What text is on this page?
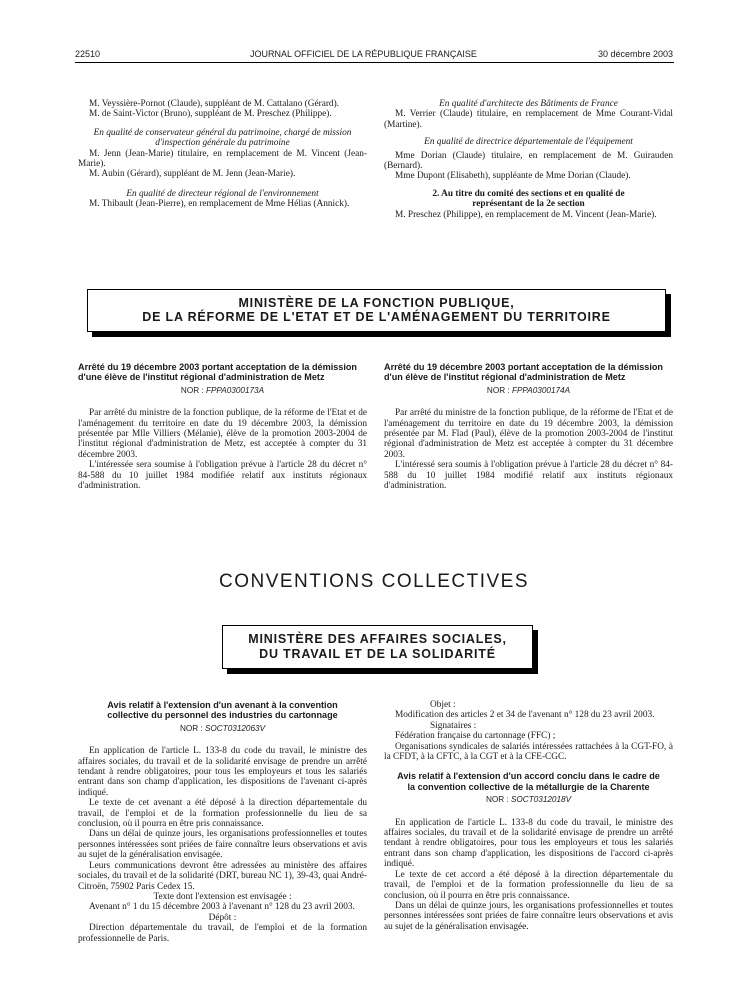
22510	JOURNAL OFFICIEL DE LA RÉPUBLIQUE FRANÇAISE	30 décembre 2003

M. Veyssière-Pornot (Claude), suppléant de M. Cattalano (Gérard).

M. de Saint-Victor (Bruno), suppléant de M. Preschez (Philippe).

En qualité de conservateur général du patrimoine, chargé de mission d'inspection générale du patrimoine

M. Jenn (Jean-Marie) titulaire, en remplacement de M. Vincent (Jean-Marie).

M. Aubin (Gérard), suppléant de M. Jenn (Jean-Marie).

En qualité de directeur régional de l'environnement

M. Thibault (Jean-Pierre), en remplacement de Mme Hélias (Annick).

En qualité d'architecte des Bâtiments de France

M. Verrier (Claude) titulaire, en remplacement de Mme Courant-Vidal (Martine).

En qualité de directrice départementale de l'équipement

Mme Dorian (Claude) titulaire, en remplacement de M. Guirauden (Bernard).

Mme Dupont (Elisabeth), suppléante de Mme Dorian (Claude).

2. Au titre du comité des sections et en qualité de représentant de la 2e section

M. Preschez (Philippe), en remplacement de M. Vincent (Jean-Marie).

MINISTÈRE DE LA FONCTION PUBLIQUE,
DE LA RÉFORME DE L'ETAT ET DE L'AMÉNAGEMENT DU TERRITOIRE

Arrêté du 19 décembre 2003 portant acceptation de la démission d'une élève de l'institut régional d'administration de Metz

NOR : FPPA0300173A

Par arrêté du ministre de la fonction publique, de la réforme de l'Etat et de l'aménagement du territoire en date du 19 décembre 2003, la démission présentée par Mlle Villiers (Mélanie), élève de la promotion 2003-2004 de l'institut régional d'administration de Metz, est acceptée à compter du 31 décembre 2003.

L'intéressée sera soumise à l'obligation prévue à l'article 28 du décret n° 84-588 du 10 juillet 1984 modifiée relatif aux instituts régionaux d'administration.

Arrêté du 19 décembre 2003 portant acceptation de la démission d'un élève de l'institut régional d'administration de Metz

NOR : FPPA0300174A

Par arrêté du ministre de la fonction publique, de la réforme de l'Etat et de l'aménagement du territoire en date du 19 décembre 2003, la démission présentée par M. Flad (Paul), élève de la promotion 2003-2004 de l'institut régional d'administration de Metz est acceptée à compter du 31 décembre 2003.

L'intéressé sera soumis à l'obligation prévue à l'article 28 du décret n° 84-588 du 10 juillet 1984 modifié relatif aux instituts régionaux d'administration.

CONVENTIONS COLLECTIVES
MINISTÈRE DES AFFAIRES SOCIALES,
DU TRAVAIL ET DE LA SOLIDARITÉ

Avis relatif à l'extension d'un avenant à la convention collective du personnel des industries du cartonnage

NOR : SOCT0312063V

En application de l'article L. 133-8 du code du travail, le ministre des affaires sociales, du travail et de la solidarité envisage de prendre un arrêté tendant à rendre obligatoires, pour tous les employeurs et tous les salariés entrant dans son champ d'application, les dispositions de l'avenant ci-après indiqué.

Le texte de cet avenant a été déposé à la direction départementale du travail, de l'emploi et de la formation professionnelle du lieu de sa conclusion, où il pourra en être pris connaissance.

Dans un délai de quinze jours, les organisations professionnelles et toutes personnes intéressées sont priées de faire connaître leurs observations et avis au sujet de la généralisation envisagée.

Leurs communications devront être adressées au ministère des affaires sociales, du travail et de la solidarité (DRT, bureau NC 1), 39-43, quai André-Citroën, 75902 Paris Cedex 15.

Texte dont l'extension est envisagée :

Avenant n° 1 du 15 décembre 2003 à l'avenant n° 128 du 23 avril 2003.

Dépôt :

Direction départementale du travail, de l'emploi et de la formation professionnelle de Paris.

Objet :

Modification des articles 2 et 34 de l'avenant n° 128 du 23 avril 2003.

Signataires :

Fédération française du cartonnage (FFC) ;

Organisations syndicales de salariés intéressées rattachées à la CGT-FO, à la CFDT, à la CFTC, à la CGT et à la CFE-CGC.

Avis relatif à l'extension d'un accord conclu dans le cadre de la convention collective de la métallurgie de la Charente

NOR : SOCT0312018V

En application de l'article L. 133-8 du code du travail, le ministre des affaires sociales, du travail et de la solidarité envisage de prendre un arrêté tendant à rendre obligatoires, pour tous les employeurs et tous les salariés entrant dans son champ d'application, les dispositions de l'accord ci-après indiqué.

Le texte de cet accord a été déposé à la direction départementale du travail, de l'emploi et de la formation professionnelle du lieu de sa conclusion, où il pourra en être pris connaissance.

Dans un délai de quinze jours, les organisations professionnelles et toutes personnes intéressées sont priées de faire connaître leurs observations et avis au sujet de la généralisation envisagée.
